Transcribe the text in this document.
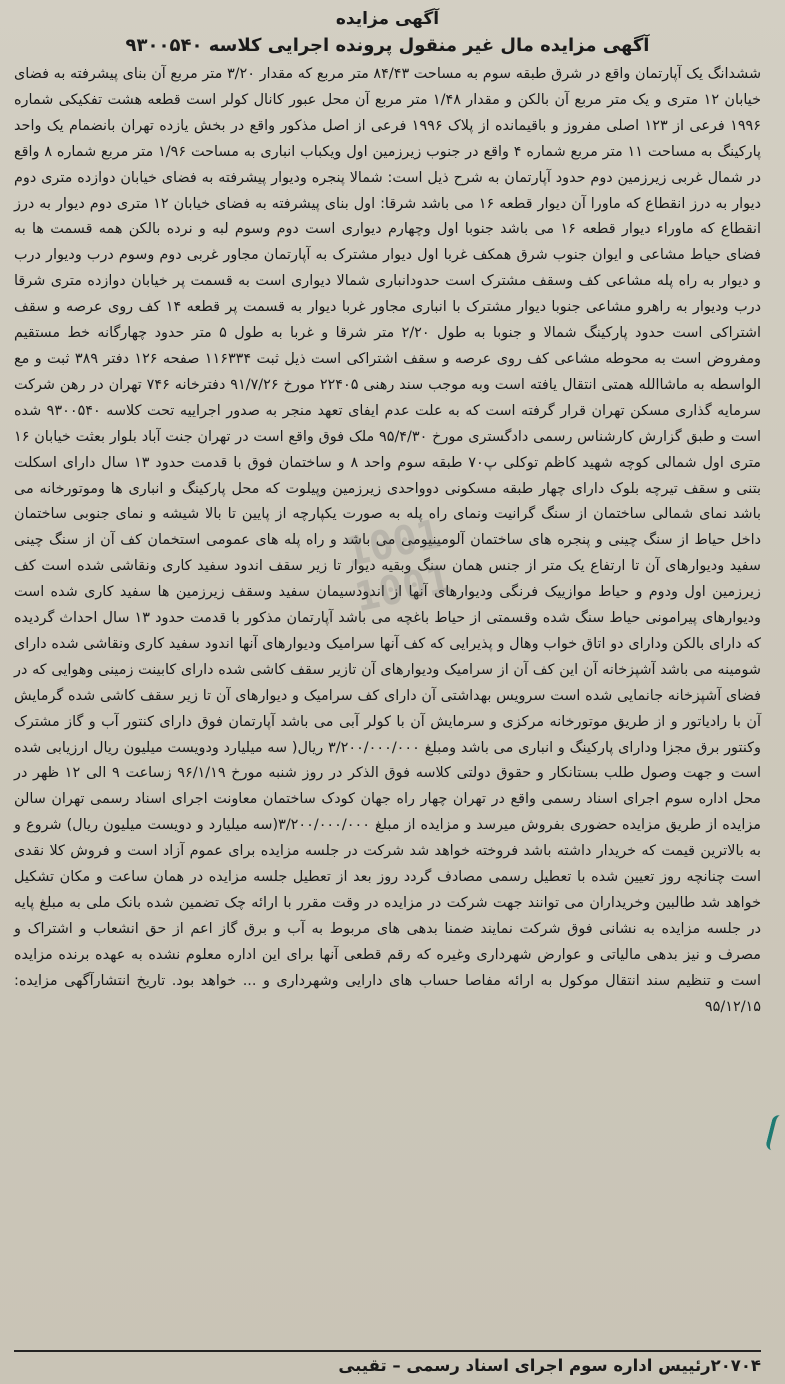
آگهی مزایده
آگهی مزایده مال غیر منقول پرونده اجرایی کلاسه ۹۳۰۰۵۴۰

ششدانگ یک آپارتمان واقع در شرق طبقه سوم به مساحت ۸۴/۴۳ متر مربع که مقدار ۳/۲۰ متر مربع آن بنای پیشرفته به فضای خیابان ۱۲ متری و یک متر مربع آن بالکن و مقدار ۱/۴۸ متر مربع آن محل عبور کانال کولر است قطعه هشت تفکیکی شماره ۱۹۹۶ فرعی از ۱۲۳ اصلی مفروز و باقیمانده از پلاک ۱۹۹۶ فرعی از اصل مذکور واقع در بخش یازده تهران بانضمام یک واحد پارکینگ به مساحت ۱۱ متر مربع شماره ۴ واقع در جنوب زیرزمین اول ویکباب انباری به مساحت ۱/۹۶ متر مربع شماره ۸ واقع در شمال غربی زیرزمین دوم حدود آپارتمان به شرح ذیل است: شمالا پنجره ودیوار پیشرفته به فضای خیابان دوازده متری دوم دیوار به درز انقطاع که ماورا آن دیوار قطعه ۱۶ می باشد شرقا: اول بنای پیشرفته به فضای خیابان ۱۲ متری دوم دیوار به درز انقطاع که ماوراء دیوار قطعه ۱۶ می باشد جنوبا اول وچهارم دیواری است دوم وسوم لبه و نرده بالکن همه قسمت ها به فضای حیاط مشاعی و ایوان جنوب شرق همکف غربا اول دیوار مشترک به آپارتمان مجاور غربی دوم وسوم درب ودیوار درب و دیوار به راه پله مشاعی کف وسقف مشترک است حدودانباری شمالا دیواری است به قسمت پر خیابان دوازده متری شرقا درب ودیوار به راهرو مشاعی جنوبا دیوار مشترک با انباری مجاور غربا دیوار به قسمت پر قطعه ۱۴ کف روی عرصه و سقف اشتراکی است حدود پارکینگ شمالا و جنوبا به طول ۲/۲۰ متر شرقا و غربا به طول ۵ متر حدود چهارگانه خط مستقیم ومفروض است به محوطه مشاعی کف روی عرصه و سقف اشتراکی است ذیل ثبت ۱۱۶۳۳۴ صفحه ۱۲۶ دفتر ۳۸۹ ثبت و مع الواسطه به ماشاالله همتی انتقال یافته است وبه موجب سند رهنی ۲۲۴۰۵ مورخ ۹۱/۷/۲۶ دفترخانه ۷۴۶ تهران در رهن شرکت سرمایه گذاری مسکن تهران قرار گرفته است که به علت عدم ایفای تعهد منجر به صدور اجراییه تحت کلاسه ۹۳۰۰۵۴۰ شده است و طبق گزارش کارشناس رسمی دادگستری مورخ ۹۵/۴/۳۰ ملک فوق واقع است در تهران جنت آباد بلوار بعثت خیابان ۱۶ متری اول شمالی کوچه شهید کاظم توکلی پ۷۰ طبقه سوم واحد ۸ و ساختمان فوق با قدمت حدود ۱۳ سال دارای اسکلت بتنی و سقف تیرچه بلوک دارای چهار طبقه مسکونی دوواحدی زیرزمین وپیلوت که محل پارکینگ و انباری ها وموتورخانه می باشد نمای شمالی ساختمان از سنگ گرانیت ونمای راه پله به صورت یکپارچه از پایین تا بالا شیشه و نمای جنوبی ساختمان داخل حیاط از سنگ چینی و پنجره های ساختمان آلومینیومی می باشد و راه پله های عمومی استخمان کف آن از سنگ چینی سفید ودیوارهای آن تا ارتفاع یک متر از جنس همان سنگ وبقیه دیوار تا زیر سقف اندود سفید کاری ونقاشی شده است کف زیرزمین اول ودوم و حیاط موازییک فرنگی ودیوارهای آنها از اندودسیمان سفید وسقف زیرزمین ها سفید کاری شده است ودیوارهای پیرامونی حیاط سنگ شده وقسمتی از حیاط باغچه می باشد آپارتمان مذکور با قدمت حدود ۱۳ سال احداث گردیده که دارای بالکن ودارای دو اتاق خواب وهال و پذیرایی که کف آنها سرامیک ودیوارهای آنها اندود سفید کاری ونقاشی شده دارای شومینه می باشد آشپزخانه آن این کف آن از سرامیک ودیوارهای آن تازیر سقف کاشی شده دارای کابینت زمینی وهوایی که در فضای آشپزخانه جانمایی شده است سرویس بهداشتی آن دارای کف سرامیک و دیوارهای آن تا زیر سقف کاشی شده گرمایش آن با رادیاتور و از طریق موتورخانه مرکزی و سرمایش آن با کولر آبی می باشد آپارتمان فوق دارای کنتور آب و گاز مشترک وکنتور برق مجزا ودارای پارکینگ و انباری می باشد ومبلغ ۳/۲۰۰/۰۰۰/۰۰۰ ریال( سه میلیارد ودویست میلیون ریال ارزیابی شده است و جهت وصول طلب بستانکار و حقوق دولتی کلاسه فوق الذکر در روز شنبه مورخ ۹۶/۱/۱۹ زساعت ۹ الی ۱۲ ظهر در محل اداره سوم اجرای اسناد رسمی واقع در تهران چهار راه جهان کودک ساختمان معاونت اجرای اسناد رسمی تهران سالن مزایده از طریق مزایده حضوری بفروش میرسد و مزایده از مبلغ ۳/۲۰۰/۰۰۰/۰۰۰(سه میلیارد و دویست میلیون ریال) شروع و به بالاترین قیمت که خریدار داشته باشد فروخته خواهد شد شرکت در جلسه مزایده برای عموم آزاد است و فروش کلا نقدی است چنانچه روز تعیین شده با تعطیل رسمی مصادف گردد روز بعد از تعطیل جلسه مزایده در همان ساعت و مکان تشکیل خواهد شد طالبین وخریداران می توانند جهت شرکت در مزایده در وقت مقرر با ارائه چک تضمین شده بانک ملی به مبلغ پایه در جلسه مزایده به نشانی فوق شرکت نمایند ضمنا بدهی های مربوط به آب و برق گاز اعم از حق انشعاب و اشتراک و مصرف و نیز بدهی مالیاتی و عوارض شهرداری وغیره که رقم قطعی آنها برای این اداره معلوم نشده به عهده برنده مزایده است و تنظیم سند انتقال موکول به ارائه مفاصا حساب های دارایی وشهرداری و ... خواهد بود. تاریخ انتشارآگهی مزایده: ۹۵/۱۲/۱۵

1001
1001
۲۰۷۰۴رئییس اداره سوم اجرای اسناد رسمی – تقیبی
